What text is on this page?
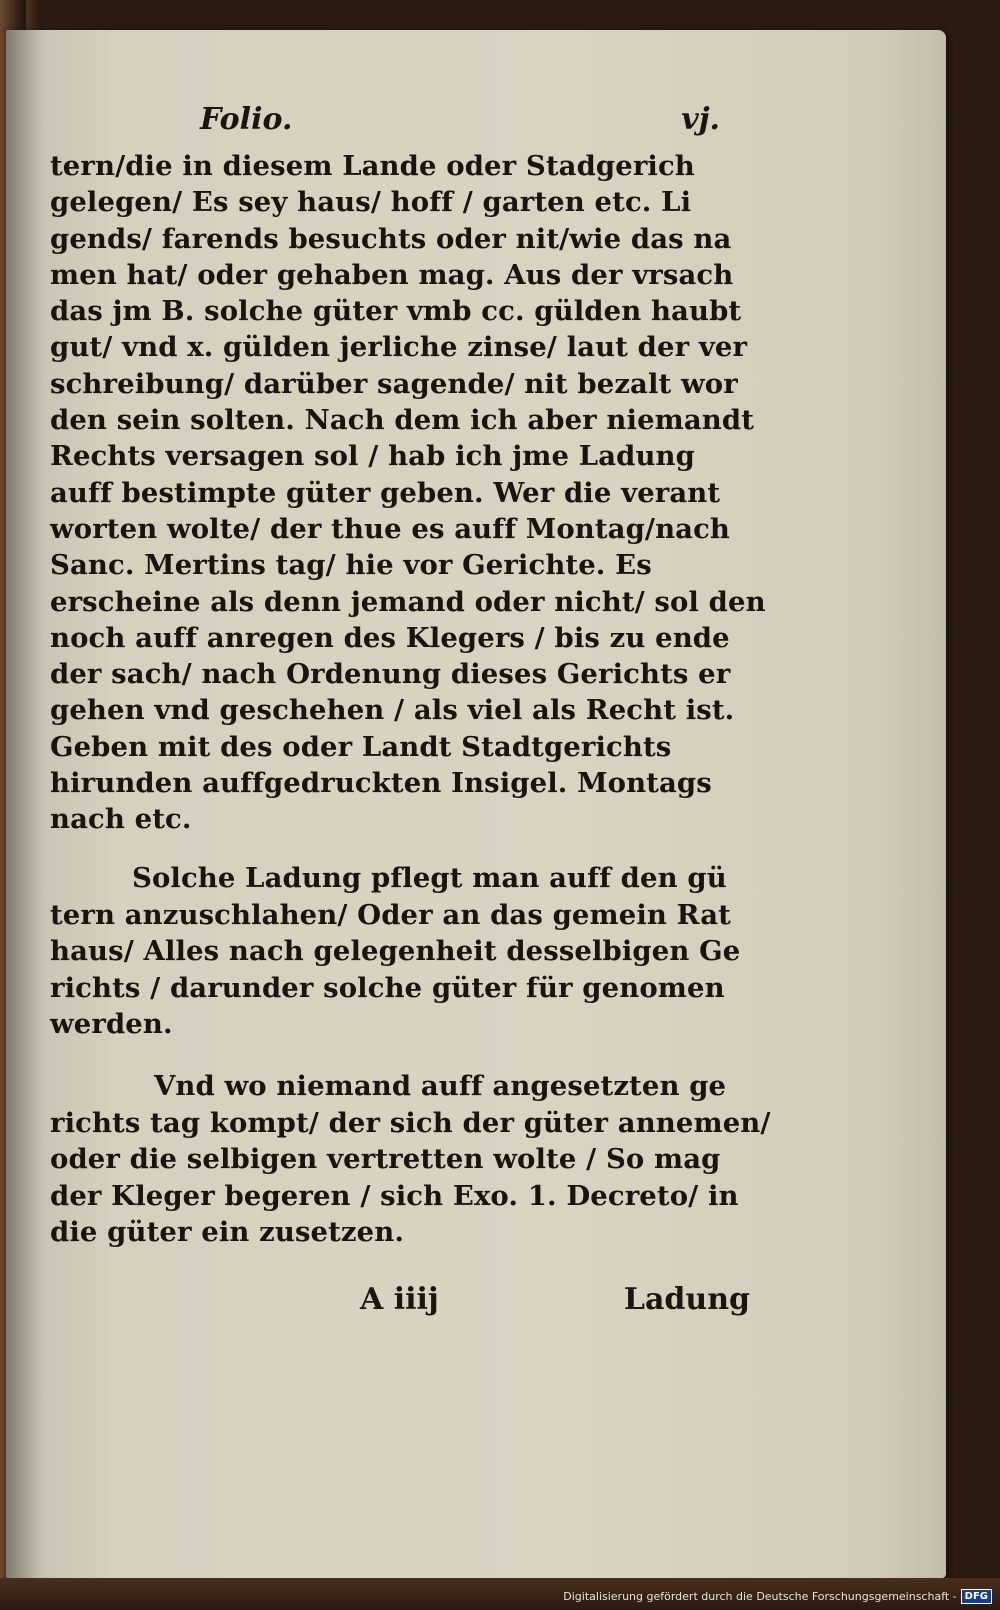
Folio.	vj.
tern/die in diesem Lande oder Stadgerich
gelegen/ Es sey haus/ hoff / garten etc. Li
gends/ farends besuchts oder nit/wie das na
men hat/ oder gehaben mag. Aus der vrsach
das jm B. solche güter vmb cc. gülden haubt
gut/ vnd x. gülden jerliche zinse/ laut der ver
schreibung/ darüber sagende/ nit bezalt wor
den sein solten. Nach dem ich aber niemandt
Rechts versagen sol / hab ich jme Ladung
auff bestimpte güter geben. Wer die verant
worten wolte/ der thue es auff Montag/nach
Sanc. Mertins tag/ hie vor Gerichte. Es
erscheine als denn jemand oder nicht/ sol den
noch auff anregen des Klegers / bis zu ende
der sach/ nach Ordenung dieses Gerichts er
gehen vnd geschehen / als viel als Recht ist.
Geben mit des oder Landt Stadtgerichts
hirunden auffgedruckten Insigel. Montags
nach etc.
Solche Ladung pflegt man auff den gü
tern anzuschlahen/ Oder an das gemein Rat
haus/ Alles nach gelegenheit desselbigen Ge
richts / darunder solche güter für genomen
werden.
Vnd wo niemand auff angesetzten ge
richts tag kompt/ der sich der güter annemen/
oder die selbigen vertretten wolte / So mag
der Kleger begeren / sich Exo. 1. Decreto/ in
die güter ein zusetzen.
A iiij	Ladung
Digitalisierung gefördert durch die Deutsche Forschungsgemeinschaft - DFG
